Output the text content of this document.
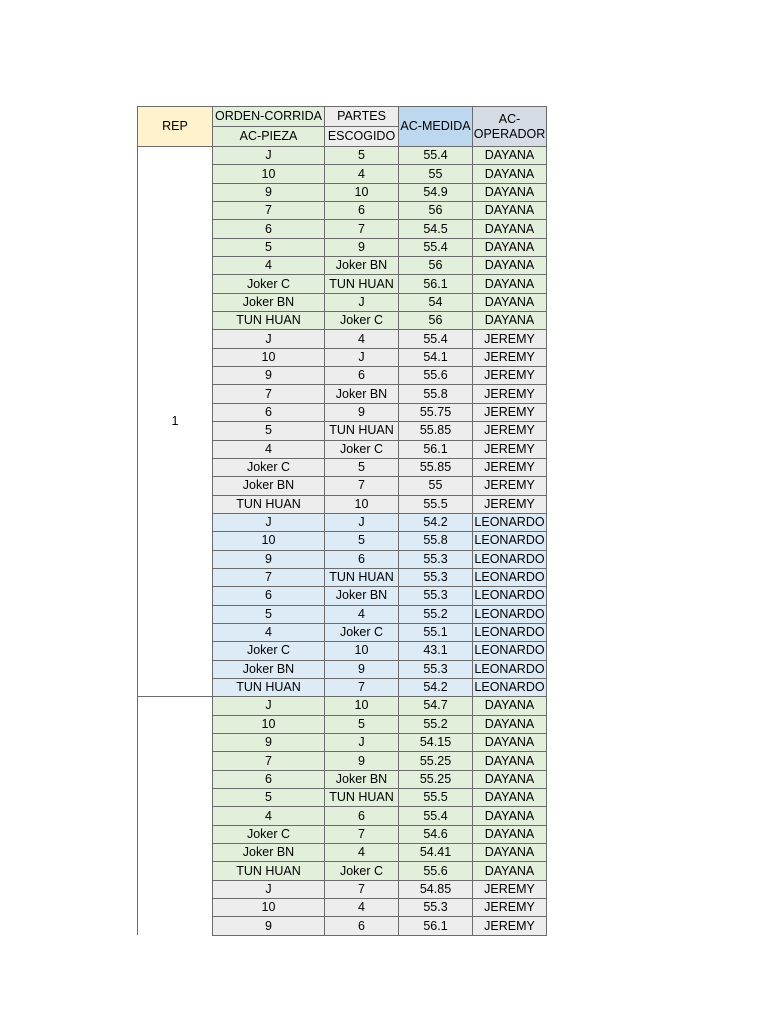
REP	ORDEN-CORRIDA	PARTES	AC-MEDIDA	AC-OPERADOR
	AC-PIEZA	ESCOGIDO		
1	J	5	55.4	DAYANA
	10	4	55	DAYANA
	9	10	54.9	DAYANA
	7	6	56	DAYANA
	6	7	54.5	DAYANA
	5	9	55.4	DAYANA
	4	Joker BN	56	DAYANA
	Joker C	TUN HUAN	56.1	DAYANA
	Joker BN	J	54	DAYANA
	TUN HUAN	Joker C	56	DAYANA
	J	4	55.4	JEREMY
	10	J	54.1	JEREMY
	9	6	55.6	JEREMY
	7	Joker BN	55.8	JEREMY
	6	9	55.75	JEREMY
	5	TUN HUAN	55.85	JEREMY
	4	Joker C	56.1	JEREMY
	Joker C	5	55.85	JEREMY
	Joker BN	7	55	JEREMY
	TUN HUAN	10	55.5	JEREMY
	J	J	54.2	LEONARDO
	10	5	55.8	LEONARDO
	9	6	55.3	LEONARDO
	7	TUN HUAN	55.3	LEONARDO
	6	Joker BN	55.3	LEONARDO
	5	4	55.2	LEONARDO
	4	Joker C	55.1	LEONARDO
	Joker C	10	43.1	LEONARDO
	Joker BN	9	55.3	LEONARDO
	TUN HUAN	7	54.2	LEONARDO
	J	10	54.7	DAYANA
	10	5	55.2	DAYANA
	9	J	54.15	DAYANA
	7	9	55.25	DAYANA
	6	Joker BN	55.25	DAYANA
	5	TUN HUAN	55.5	DAYANA
	4	6	55.4	DAYANA
	Joker C	7	54.6	DAYANA
	Joker BN	4	54.41	DAYANA
	TUN HUAN	Joker C	55.6	DAYANA
	J	7	54.85	JEREMY
	10	4	55.3	JEREMY
	9	6	56.1	JEREMY
